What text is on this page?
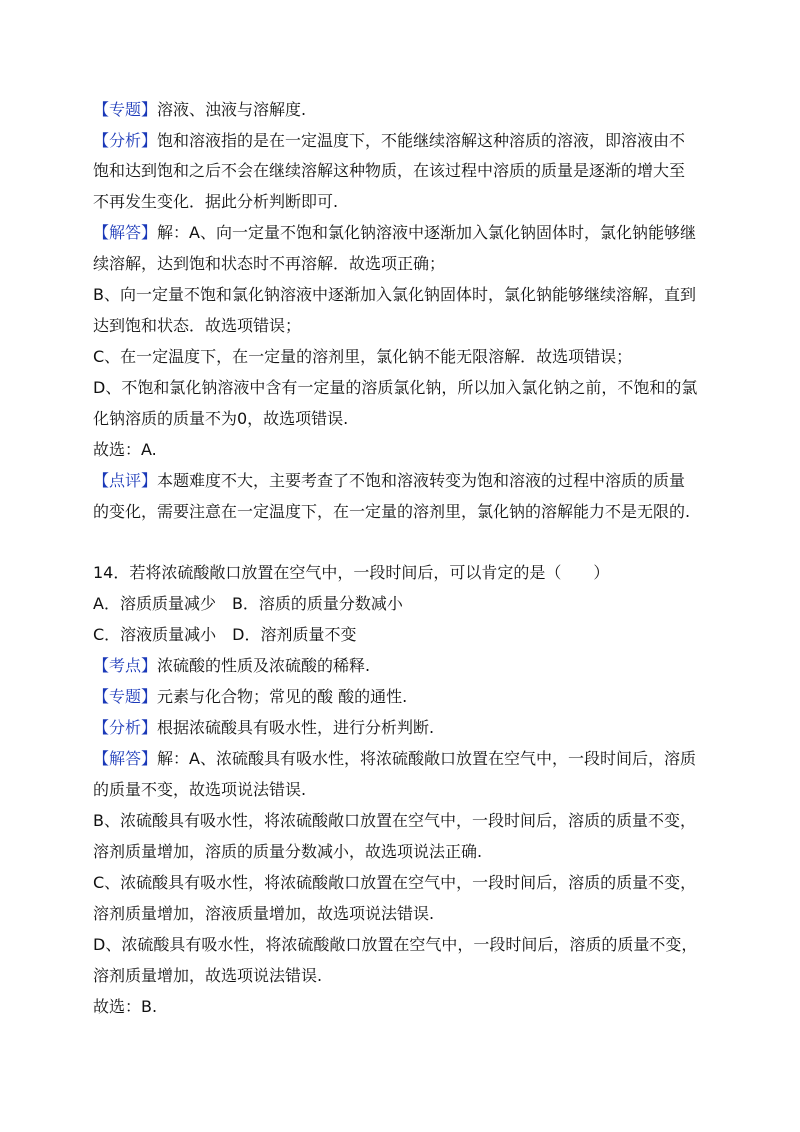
【专题】溶液、浊液与溶解度.
【分析】饱和溶液指的是在一定温度下，不能继续溶解这种溶质的溶液，即溶液由不
饱和达到饱和之后不会在继续溶解这种物质，在该过程中溶质的质量是逐渐的增大至
不再发生变化．据此分析判断即可.
【解答】解：A、向一定量不饱和氯化钠溶液中逐渐加入氯化钠固体时，氯化钠能够继
续溶解，达到饱和状态时不再溶解．故选项正确；
B、向一定量不饱和氯化钠溶液中逐渐加入氯化钠固体时，氯化钠能够继续溶解，直到
达到饱和状态．故选项错误；
C、在一定温度下，在一定量的溶剂里，氯化钠不能无限溶解．故选项错误；
D、不饱和氯化钠溶液中含有一定量的溶质氯化钠，所以加入氯化钠之前，不饱和的氯
化钠溶质的质量不为0，故选项错误.
故选：A.
【点评】本题难度不大，主要考查了不饱和溶液转变为饱和溶液的过程中溶质的质量
的变化，需要注意在一定温度下，在一定量的溶剂里，氯化钠的溶解能力不是无限的.
14．若将浓硫酸敞口放置在空气中，一段时间后，可以肯定的是（　　）
A．溶质质量减少　B．溶质的质量分数减小
C．溶液质量减小　D．溶剂质量不变
【考点】浓硫酸的性质及浓硫酸的稀释.
【专题】元素与化合物；常见的酸 酸的通性.
【分析】根据浓硫酸具有吸水性，进行分析判断.
【解答】解：A、浓硫酸具有吸水性，将浓硫酸敞口放置在空气中，一段时间后，溶质
的质量不变，故选项说法错误.
B、浓硫酸具有吸水性，将浓硫酸敞口放置在空气中，一段时间后，溶质的质量不变，
溶剂质量增加，溶质的质量分数减小，故选项说法正确.
C、浓硫酸具有吸水性，将浓硫酸敞口放置在空气中，一段时间后，溶质的质量不变，
溶剂质量增加，溶液质量增加，故选项说法错误.
D、浓硫酸具有吸水性，将浓硫酸敞口放置在空气中，一段时间后，溶质的质量不变，
溶剂质量增加，故选项说法错误.
故选：B.
